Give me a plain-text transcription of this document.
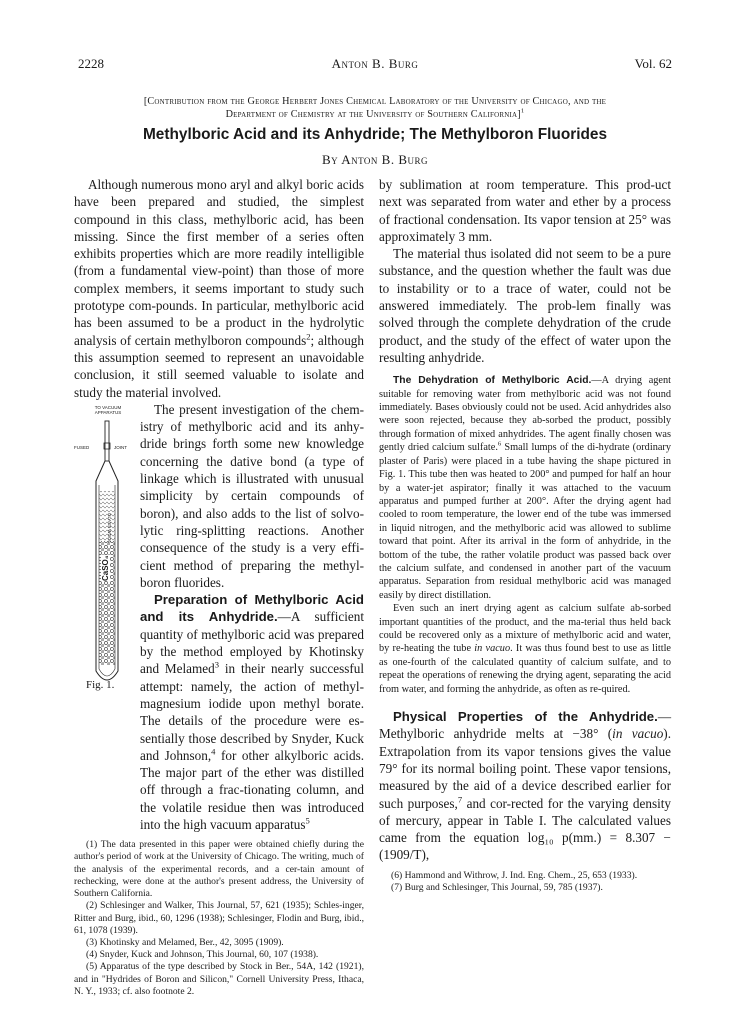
2228	Anton B. Burg	Vol. 62
[Contribution from the George Herbert Jones Chemical Laboratory of the University of Chicago, and the
Department of Chemistry at the University of Southern California]$^1$
Methylboric Acid and its Anhydride; The Methylboron Fluorides
By Anton B. Burg

Although numerous mono aryl and alkyl boric acids have been prepared and studied, the simplest compound in this class, methylboric acid, has been missing. Since the first member of a series often exhibits properties which are more readily intelligible (from a fundamental view-point) than those of more complex members, it seems important to study such prototype com-pounds. In particular, methylboric acid has been assumed to be a product in the hydrolytic analysis of certain methylboron compounds$^2$; although this assumption seemed to represent an unavoidable conclusion, it still seemed valuable to isolate and study the material involved.

TO VACUUM APPARATUS
FUSED	JOINT
GLASS WOOL
CaSO₄
Fig. 1.

The present investigation of the chem-istry of methylboric acid and its anhy-dride brings forth some new knowledge concerning the dative bond (a type of linkage which is illustrated with unusual simplicity by certain compounds of boron), and also adds to the list of solvo-lytic ring-splitting reactions. Another consequence of the study is a very effi-cient method of preparing the methyl-boron fluorides.

Preparation of Methylboric Acid and its Anhydride.—A sufficient quantity of methylboric acid was prepared by the method employed by Khotinsky and Melamed$^3$ in their nearly successful attempt: namely, the action of methyl-magnesium iodide upon methyl borate. The details of the procedure were es-sentially those described by Snyder, Kuck and Johnson,$^4$ for other alkylboric acids. The major part of the ether was distilled off through a frac-tionating column, and the volatile residue then was introduced into the high vacuum apparatus$^5$

(1) The data presented in this paper were obtained chiefly during the author's period of work at the University of Chicago. The writing, much of the analysis of the experimental records, and a cer-tain amount of rechecking, were done at the author's present address, the University of Southern California.

(2) Schlesinger and Walker, This Journal, 57, 621 (1935); Schles-inger, Ritter and Burg, ibid., 60, 1296 (1938); Schlesinger, Flodin and Burg, ibid., 61, 1078 (1939).

(3) Khotinsky and Melamed, Ber., 42, 3095 (1909).

(4) Snyder, Kuck and Johnson, This Journal, 60, 107 (1938).

(5) Apparatus of the type described by Stock in Ber., 54A, 142 (1921), and in "Hydrides of Boron and Silicon," Cornell University Press, Ithaca, N. Y., 1933; cf. also footnote 2.

by sublimation at room temperature. This prod-uct next was separated from water and ether by a process of fractional condensation. Its vapor tension at 25° was approximately 3 mm.

The material thus isolated did not seem to be a pure substance, and the question whether the fault was due to instability or to a trace of water, could not be answered immediately. The prob-lem finally was solved through the complete dehydration of the crude product, and the study of the effect of water upon the resulting anhydride.

The Dehydration of Methylboric Acid.—A drying agent suitable for removing water from methylboric acid was not found immediately. Bases obviously could not be used. Acid anhydrides also were soon rejected, because they ab-sorbed the product, possibly through formation of mixed anhydrides. The agent finally chosen was gently dried calcium sulfate.$^6$ Small lumps of the di-hydrate (ordinary plaster of Paris) were placed in a tube having the shape pictured in Fig. 1. This tube then was heated to 200° and pumped for half an hour by a water-jet aspirator; finally it was attached to the vacuum apparatus and pumped further at 200°. After the drying agent had cooled to room temperature, the lower end of the tube was immersed in liquid nitrogen, and the methylboric acid was allowed to sublime toward that point. After its arrival in the form of anhydride, in the bottom of the tube, the rather volatile product was passed back over the calcium sulfate, and condensed in another part of the vacuum apparatus. Separation from residual methylboric acid was managed easily by direct distillation.

Even such an inert drying agent as calcium sulfate ab-sorbed important quantities of the product, and the ma-terial thus held back could be recovered only as a mixture of methylboric acid and water, by re-heating the tube in vacuo. It was thus found best to use as little as one-fourth of the calculated quantity of calcium sulfate, and to repeat the operations of renewing the drying agent, separating the acid from water, and forming the anhydride, as often as re-quired.

Physical Properties of the Anhydride.—Methylboric anhydride melts at −38° (in vacuo). Extrapolation from its vapor tensions gives the value 79° for its normal boiling point. These vapor tensions, measured by the aid of a device described earlier for such purposes,$^7$ and cor-rected for the varying density of mercury, appear in Table I. The calculated values came from the equation log₁₀ p(mm.) = 8.307 − (1909/T),

(6) Hammond and Withrow, J. Ind. Eng. Chem., 25, 653 (1933).

(7) Burg and Schlesinger, This Journal, 59, 785 (1937).
